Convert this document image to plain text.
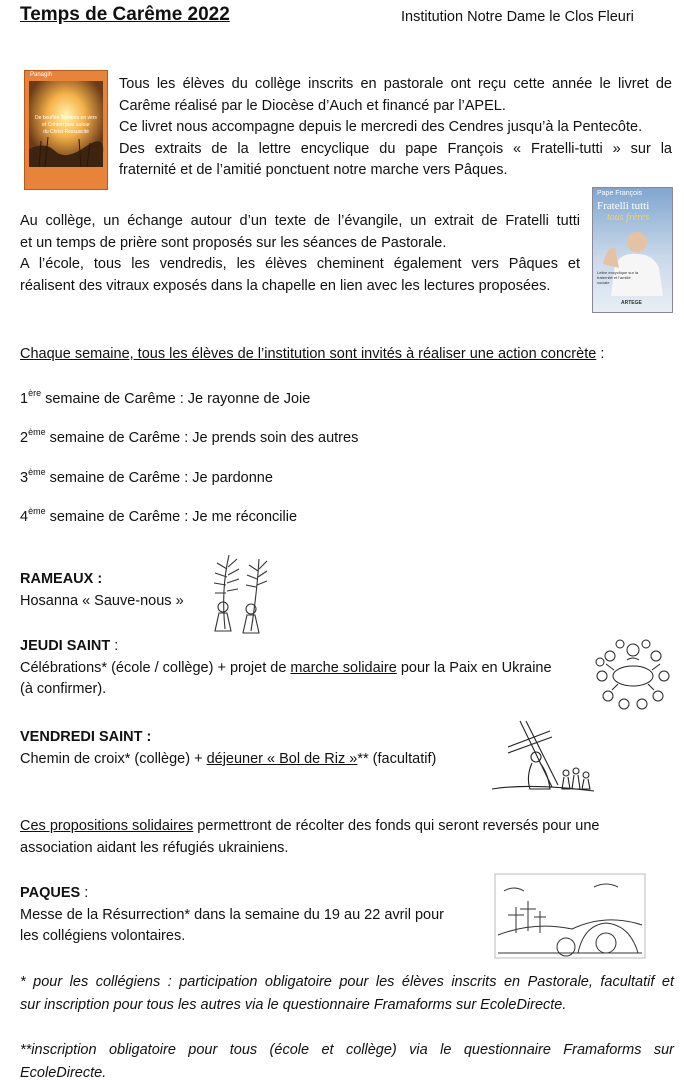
Temps de Carême 2022	Institution Notre Dame le Clos Fleuri
Panagih
De bouffée Sentiers en vers
et Crinten paix autour
du Christ Ressuscité
Tous les élèves du collège inscrits en pastorale ont reçu cette année le livret de
Carême réalisé par le Diocèse d’Auch et financé par l’APEL.
Ce livret nous accompagne depuis le mercredi des Cendres jusqu’à la Pentecôte.
Des extraits de la lettre encyclique du pape François « Fratelli-tutti » sur la
fraternité et de l’amitié ponctuent notre marche vers Pâques.
Pape François
Fratelli tutti
tous frères
Lettre encyclique sur la fraternité et l'amitié sociale
ARTEGE
Au collège, un échange autour d’un texte de l’évangile, un extrait de Fratelli tutti
et un temps de prière sont proposés sur les séances de Pastorale.
A l’école, tous les vendredis, les élèves cheminent également vers Pâques et
réalisent des vitraux exposés dans la chapelle en lien avec les lectures proposées.
Chaque semaine, tous les élèves de l’institution sont invités à réaliser une action concrète :
1ère semaine de Carême : Je rayonne de Joie
2ème semaine de Carême : Je prends soin des autres
3ème semaine de Carême : Je pardonne
4ème semaine de Carême : Je me réconcilie
RAMEAUX :
Hosanna « Sauve-nous »
JEUDI SAINT :
Célébrations* (école / collège) + projet de marche solidaire pour la Paix en Ukraine
(à confirmer).
VENDREDI SAINT :
Chemin de croix* (collège) + déjeuner « Bol de Riz »** (facultatif)
Ces propositions solidaires permettront de récolter des fonds qui seront reversés pour une
association aidant les réfugiés ukrainiens.
PAQUES :
Messe de la Résurrection* dans la semaine du 19 au 22 avril pour
les collégiens volontaires.
* pour les collégiens : participation obligatoire pour les élèves inscrits en Pastorale, facultatif et
sur inscription pour tous les autres via le questionnaire Framaforms sur EcoleDirecte.
**inscription obligatoire pour tous (école et collège) via le questionnaire Framaforms sur
EcoleDirecte.
